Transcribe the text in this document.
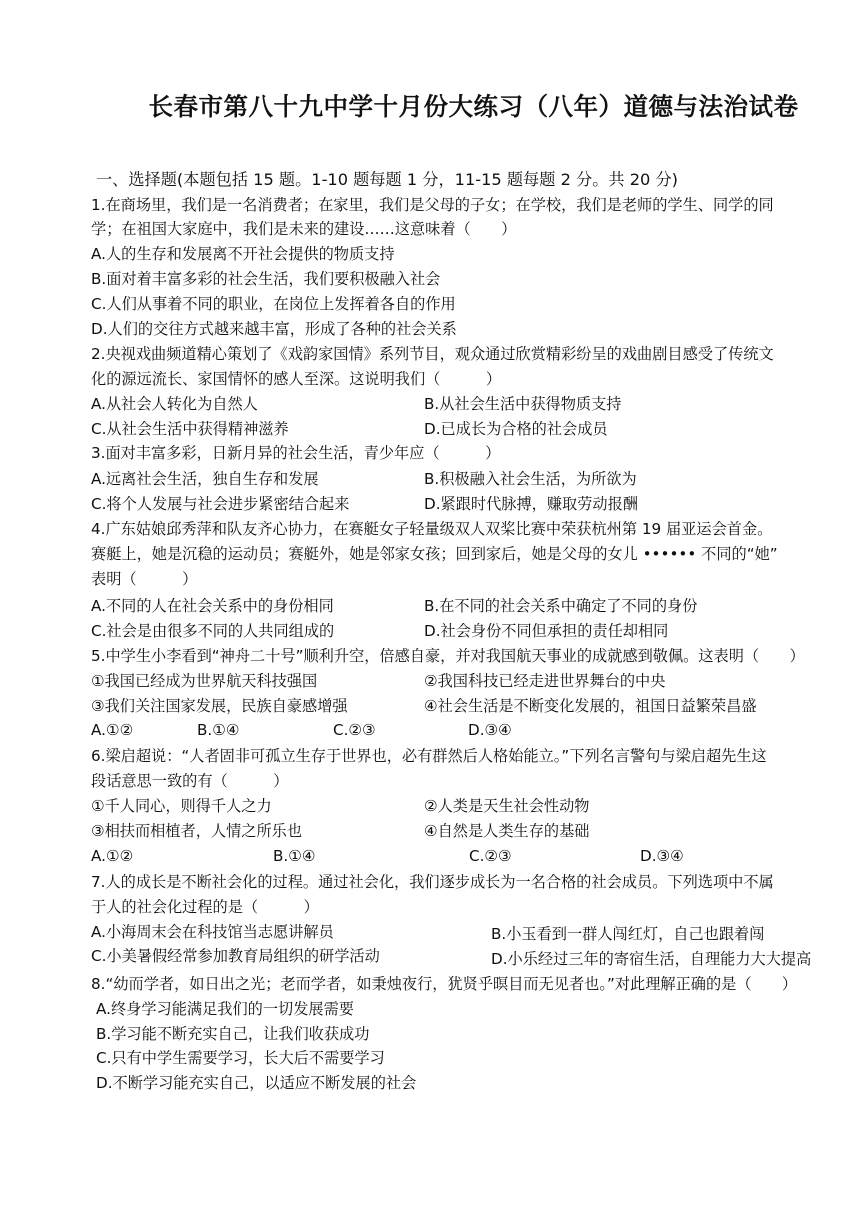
长春市第八十九中学十月份大练习（八年）道德与法治试卷
一、选择题(本题包括 15 题。1-10 题每题 1 分，11-15 题每题 2 分。共 20 分)
1.在商场里，我们是一名消费者；在家里，我们是父母的子女；在学校，我们是老师的学生、同学的同
学；在祖国大家庭中，我们是未来的建设……这意味着（　　）
A.人的生存和发展离不开社会提供的物质支持
B.面对着丰富多彩的社会生活，我们要积极融入社会
C.人们从事着不同的职业，在岗位上发挥着各自的作用
D.人们的交往方式越来越丰富，形成了各种的社会关系
2.央视戏曲频道精心策划了《戏韵家国情》系列节目，观众通过欣赏精彩纷呈的戏曲剧目感受了传统文
化的源远流长、家国情怀的感人至深。这说明我们（　　　）
A.从社会人转化为自然人	B.从社会生活中获得物质支持
C.从社会生活中获得精神滋养	D.已成长为合格的社会成员
3.面对丰富多彩，日新月异的社会生活，青少年应（　　　）
A.远离社会生活，独自生存和发展	B.积极融入社会生活，为所欲为
C.将个人发展与社会进步紧密结合起来	D.紧跟时代脉搏，赚取劳动报酬
4.广东姑娘邱秀萍和队友齐心协力，在赛艇女子轻量级双人双桨比赛中荣获杭州第 19 届亚运会首金。
赛艇上，她是沉稳的运动员；赛艇外，她是邻家女孩；回到家后，她是父母的女儿 •••••• 不同的“她”
表明（　　　）
A.不同的人在社会关系中的身份相同	B.在不同的社会关系中确定了不同的身份
C.社会是由很多不同的人共同组成的	D.社会身份不同但承担的责任却相同
5.中学生小李看到“神舟二十号”顺利升空，倍感自豪，并对我国航天事业的成就感到敬佩。这表明（　　）
①我国已经成为世界航天科技强国	②我国科技已经走进世界舞台的中央
③我们关注国家发展，民族自豪感增强	④社会生活是不断变化发展的，祖国日益繁荣昌盛
A.①②	B.①④	C.②③	D.③④
6.梁启超说：“人者固非可孤立生存于世界也，必有群然后人格始能立。”下列名言警句与梁启超先生这
段话意思一致的有（　　　）
①千人同心，则得千人之力	②人类是天生社会性动物
③相扶而相植者，人情之所乐也	④自然是人类生存的基础
A.①②	B.①④	C.②③	D.③④
7.人的成长是不断社会化的过程。通过社会化，我们逐步成长为一名合格的社会成员。下列选项中不属
于人的社会化过程的是（　　　）
A.小海周末会在科技馆当志愿讲解员	B.小玉看到一群人闯红灯，自己也跟着闯
C.小美暑假经常参加教育局组织的研学活动	D.小乐经过三年的寄宿生活，自理能力大大提高
8.“幼而学者，如日出之光；老而学者，如秉烛夜行，犹贤乎暝目而无见者也。”对此理解正确的是（　　）
A.终身学习能满足我们的一切发展需要
B.学习能不断充实自己，让我们收获成功
C.只有中学生需要学习，长大后不需要学习
D.不断学习能充实自己，以适应不断发展的社会
